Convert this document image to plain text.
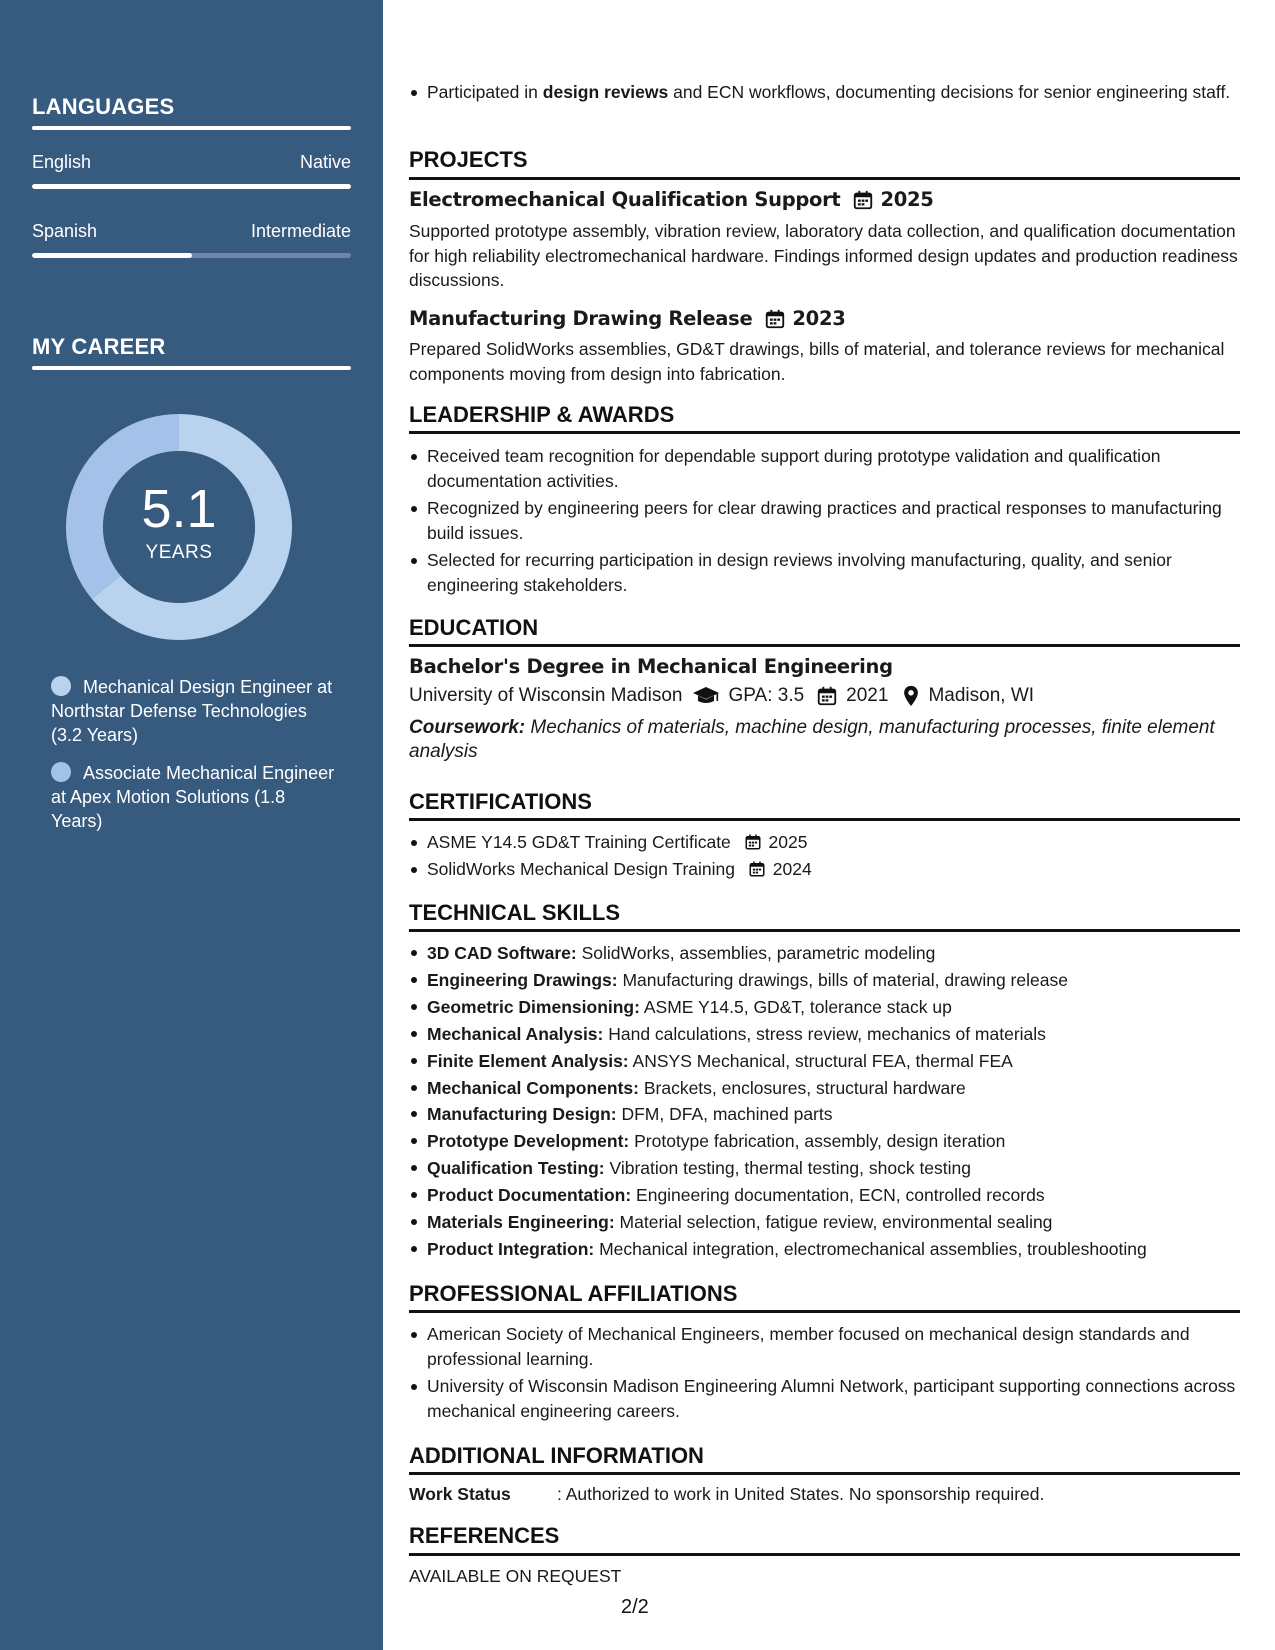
LANGUAGES
English	Native
Spanish	Intermediate
MY CAREER
5.1
YEARS
Mechanical Design Engineer at Northstar Defense Technologies (3.2 Years)
Associate Mechanical Engineer at Apex Motion Solutions (1.8 Years)
Participated in design reviews and ECN workflows, documenting decisions for senior engineering staff.
PROJECTS
Electromechanical Qualification Support 2025
Supported prototype assembly, vibration review, laboratory data collection, and qualification documentation for high reliability electromechanical hardware. Findings informed design updates and production readiness discussions.
Manufacturing Drawing Release 2023
Prepared SolidWorks assemblies, GD&T drawings, bills of material, and tolerance reviews for mechanical components moving from design into fabrication.
LEADERSHIP & AWARDS
Received team recognition for dependable support during prototype validation and qualification documentation activities.
Recognized by engineering peers for clear drawing practices and practical responses to manufacturing build issues.
Selected for recurring participation in design reviews involving manufacturing, quality, and senior engineering stakeholders.
EDUCATION
Bachelor's Degree in Mechanical Engineering
University of Wisconsin Madison GPA: 3.5 2021 Madison, WI
Coursework: Mechanics of materials, machine design, manufacturing processes, finite element analysis
CERTIFICATIONS
ASME Y14.5 GD&T Training Certificate 2025
SolidWorks Mechanical Design Training 2024
TECHNICAL SKILLS
3D CAD Software: SolidWorks, assemblies, parametric modeling
Engineering Drawings: Manufacturing drawings, bills of material, drawing release
Geometric Dimensioning: ASME Y14.5, GD&T, tolerance stack up
Mechanical Analysis: Hand calculations, stress review, mechanics of materials
Finite Element Analysis: ANSYS Mechanical, structural FEA, thermal FEA
Mechanical Components: Brackets, enclosures, structural hardware
Manufacturing Design: DFM, DFA, machined parts
Prototype Development: Prototype fabrication, assembly, design iteration
Qualification Testing: Vibration testing, thermal testing, shock testing
Product Documentation: Engineering documentation, ECN, controlled records
Materials Engineering: Material selection, fatigue review, environmental sealing
Product Integration: Mechanical integration, electromechanical assemblies, troubleshooting
PROFESSIONAL AFFILIATIONS
American Society of Mechanical Engineers, member focused on mechanical design standards and professional learning.
University of Wisconsin Madison Engineering Alumni Network, participant supporting connections across mechanical engineering careers.
ADDITIONAL INFORMATION
Work Status	: Authorized to work in United States. No sponsorship required.
REFERENCES
AVAILABLE ON REQUEST
2/2
